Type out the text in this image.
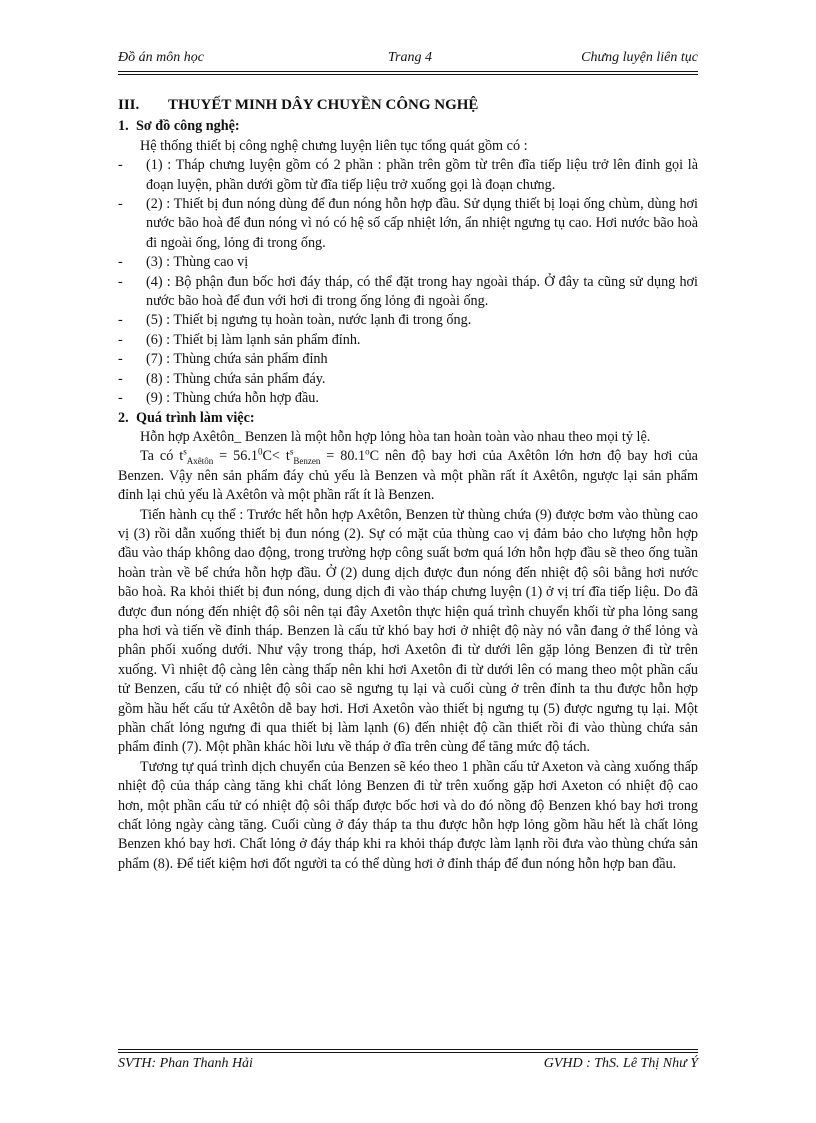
Đồ án môn học	Trang 4	Chưng luyện liên tục

III. THUYẾT MINH DÂY CHUYỀN CÔNG NGHỆ

1. Sơ đồ công nghệ:

Hệ thống thiết bị công nghệ chưng luyện liên tục tổng quát gồm có :

- (1) : Tháp chưng luyện gồm có 2 phần : phần trên gồm từ trên đĩa tiếp liệu trở lên đỉnh gọi là đoạn luyện, phần dưới gồm từ đĩa tiếp liệu trở xuống gọi là đoạn chưng.
- (2) : Thiết bị đun nóng dùng để đun nóng hỗn hợp đầu. Sử dụng thiết bị loại ống chùm, dùng hơi nước bão hoà để đun nóng vì nó có hệ số cấp nhiệt lớn, ẩn nhiệt ngưng tụ cao. Hơi nước bão hoà đi ngoài ống, lỏng đi trong ống.
- (3) : Thùng cao vị
- (4) : Bộ phận đun bốc hơi đáy tháp, có thể đặt trong hay ngoài tháp. Ở đây ta cũng sử dụng hơi nước bão hoà để đun với hơi đi trong ống lỏng đi ngoài ống.
- (5) : Thiết bị ngưng tụ hoàn toàn, nước lạnh đi trong ống.
- (6) : Thiết bị làm lạnh sản phẩm đỉnh.
- (7) : Thùng chứa sản phẩm đỉnh
- (8) : Thùng chứa sản phẩm đáy.
- (9) : Thùng chứa hỗn hợp đầu.

2. Quá trình làm việc:

Hỗn hợp Axêtôn_ Benzen là một hỗn hợp lỏng hòa tan hoàn toàn vào nhau theo mọi tỷ lệ.

Ta có $t^s_{Axêtôn} = 56.1^0C< t^s_{Benzen} = 80.1^oC$ nên độ bay hơi của Axêtôn lớn hơn độ bay hơi của Benzen. Vậy nên sản phẩm đáy chủ yếu là Benzen và một phần rất ít Axêtôn, ngược lại sản phẩm đỉnh lại chủ yếu là Axêtôn và một phần rất ít là Benzen.

Tiến hành cụ thể : Trước hết hỗn hợp Axêtôn, Benzen từ thùng chứa (9) được bơm vào thùng cao vị (3) rồi dẫn xuống thiết bị đun nóng (2). Sự có mặt của thùng cao vị đảm bảo cho lượng hỗn hợp đầu vào tháp không dao động, trong trường hợp công suất bơm quá lớn hỗn hợp đầu sẽ theo ống tuần hoàn tràn về bể chứa hỗn hợp đầu. Ở (2) dung dịch được đun nóng đến nhiệt độ sôi bằng hơi nước bão hoà. Ra khỏi thiết bị đun nóng, dung dịch đi vào tháp chưng luyện (1) ở vị trí đĩa tiếp liệu. Do đã được đun nóng đến nhiệt độ sôi nên tại đây Axetôn thực hiện quá trình chuyển khối từ pha lỏng sang pha hơi và tiến về đỉnh tháp. Benzen là cấu tử khó bay hơi ở nhiệt độ này nó vẫn đang ở thể lỏng và phân phối xuống dưới. Như vậy trong tháp, hơi Axetôn đi từ dưới lên gặp lỏng Benzen đi từ trên xuống. Vì nhiệt độ càng lên càng thấp nên khi hơi Axetôn đi từ dưới lên có mang theo một phần cấu tử Benzen, cấu tử có nhiệt độ sôi cao sẽ ngưng tụ lại và cuối cùng ở trên đỉnh ta thu được hỗn hợp gồm hầu hết cấu tử Axêtôn dễ bay hơi. Hơi Axetôn vào thiết bị ngưng tụ (5) được ngưng tụ lại. Một phần chất lỏng ngưng đi qua thiết bị làm lạnh (6) đến nhiệt độ cần thiết rồi đi vào thùng chứa sản phẩm đỉnh (7). Một phần khác hồi lưu về tháp ở đĩa trên cùng để tăng mức độ tách.

Tương tự quá trình dịch chuyển của Benzen sẽ kéo theo 1 phần cấu tử Axeton và càng xuống thấp nhiệt độ của tháp càng tăng khi chất lỏng Benzen đi từ trên xuống gặp hơi Axeton có nhiệt độ cao hơn, một phần cấu tử có nhiệt độ sôi thấp được bốc hơi và do đó nồng độ Benzen khó bay hơi trong chất lỏng ngày càng tăng. Cuối cùng ở đáy tháp ta thu được hỗn hợp lỏng gồm hầu hết là chất lỏng Benzen khó bay hơi. Chất lỏng ở đáy tháp khi ra khỏi tháp được làm lạnh rồi đưa vào thùng chứa sản phẩm (8). Để tiết kiệm hơi đốt người ta có thể dùng hơi ở đỉnh tháp để đun nóng hỗn hợp ban đầu.

SVTH: Phan Thanh Hải	GVHD : ThS. Lê Thị Như Ý
